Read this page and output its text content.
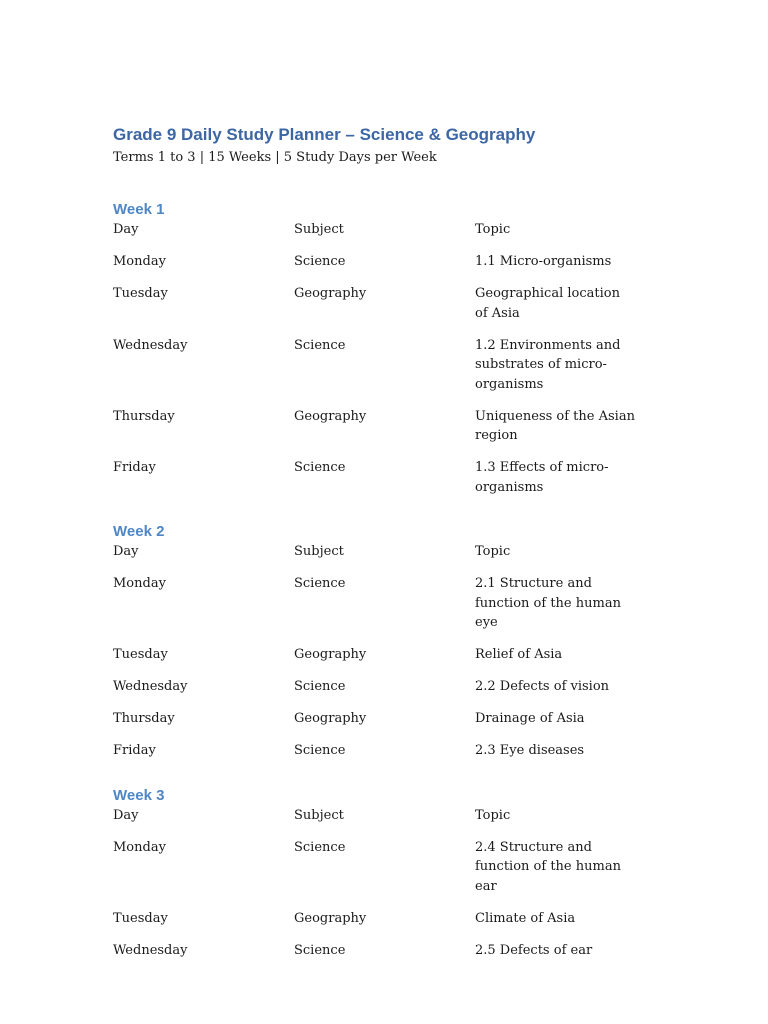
Grade 9 Daily Study Planner – Science & Geography
Terms 1 to 3 | 15 Weeks | 5 Study Days per Week
Week 1
Day	Subject	Topic
Monday	Science	1.1 Micro-organisms
Tuesday	Geography	Geographical location of Asia
Wednesday	Science	1.2 Environments and substrates of micro-organisms
Thursday	Geography	Uniqueness of the Asian region
Friday	Science	1.3 Effects of micro-organisms
Week 2
Day	Subject	Topic
Monday	Science	2.1 Structure and function of the human eye
Tuesday	Geography	Relief of Asia
Wednesday	Science	2.2 Defects of vision
Thursday	Geography	Drainage of Asia
Friday	Science	2.3 Eye diseases
Week 3
Day	Subject	Topic
Monday	Science	2.4 Structure and function of the human ear
Tuesday	Geography	Climate of Asia
Wednesday	Science	2.5 Defects of ear
